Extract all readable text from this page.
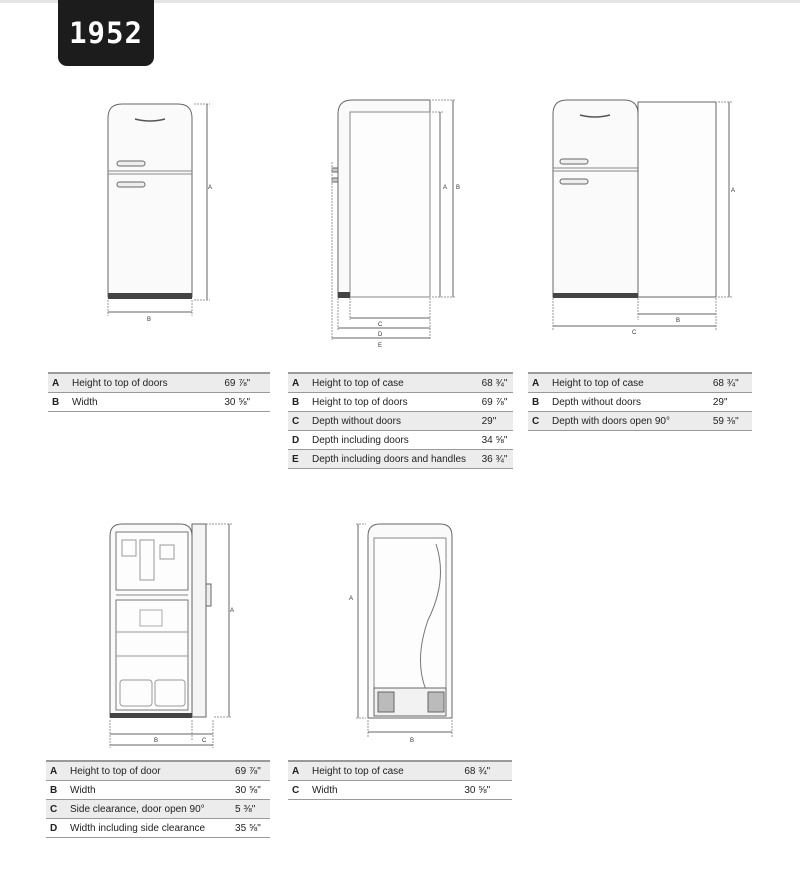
1952
B
A
C
D
E
A B
B
C
A
B	C
A
B
A
A	Height to top of doors	69 ⅞"
B	Width	30 ⅝"
A	Height to top of case	68 ¾"
B	Height to top of doors	69 ⅞"
C	Depth without doors	29"
D	Depth including doors	34 ⅝"
E	Depth including doors and handles	36 ¾"
A	Height to top of case	68 ¾"
B	Depth without doors	29"
C	Depth with doors open 90°	59 ⅜"
A	Height to top of door	69 ⅞"
B	Width	30 ⅝"
C	Side clearance, door open 90°	5 ⅜"
D	Width including side clearance	35 ⅝"
A	Height to top of case	68 ¾"
C	Width	30 ⅝"
